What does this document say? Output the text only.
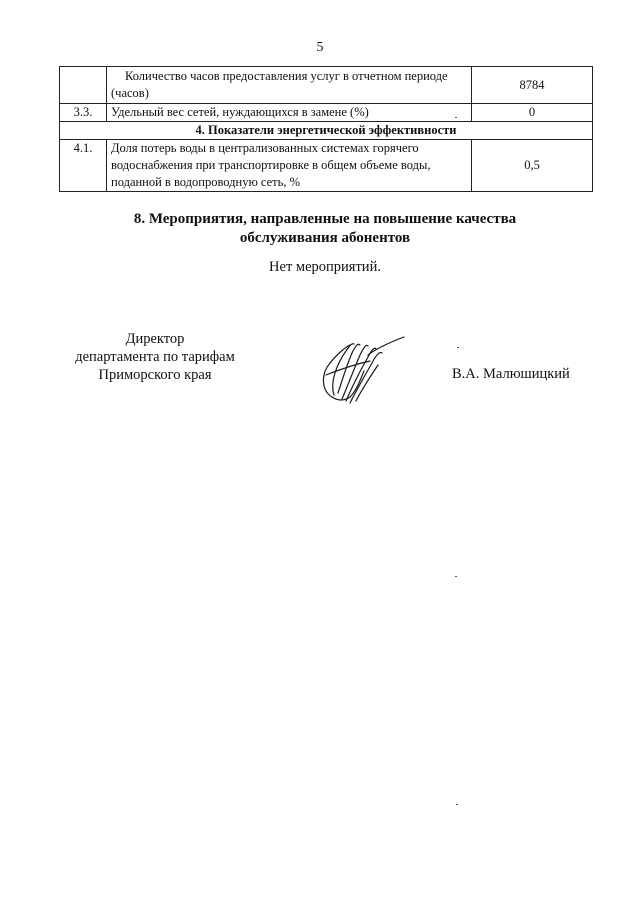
5
	Количество часов предоставления услуг в отчетном периоде (часов)	8784
3.3.	Удельный вес сетей, нуждающихся в замене (%)	0
4. Показатели энергетической эффективности		
4.1.	Доля потерь воды в централизованных системах горячего водоснабжения при транспортировке в общем объеме воды, поданной в водопроводную сеть, %	0,5
8. Мероприятия, направленные на повышение качества
обслуживания абонентов
Нет мероприятий.
Директор
департамента по тарифам
Приморского края	В.А. Малюшицкий
